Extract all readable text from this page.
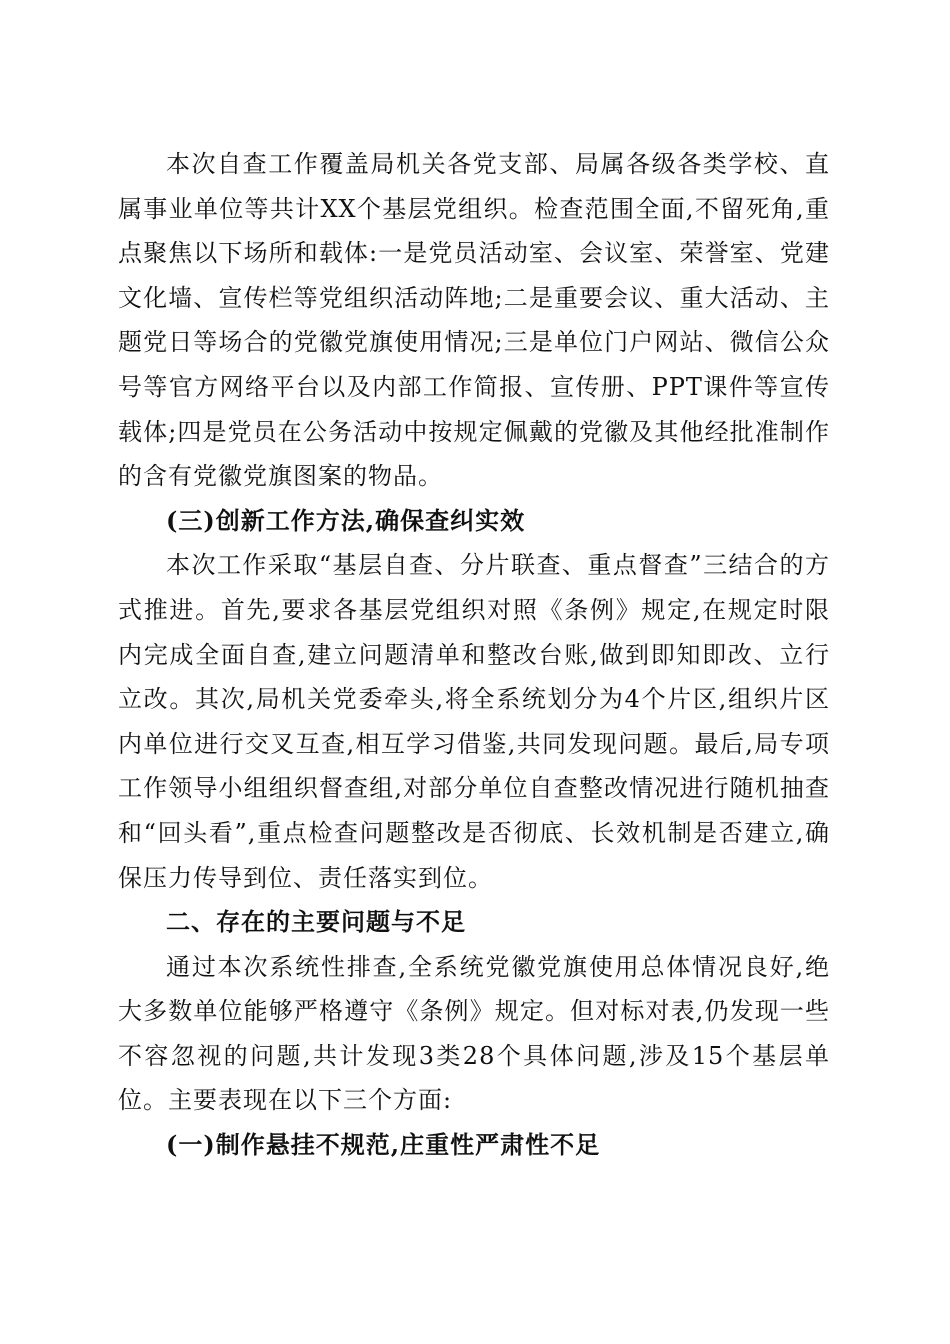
本次自查工作覆盖局机关各党支部、局属各级各类学校、直属事业单位等共计XX个基层党组织。检查范围全面,不留死角,重点聚焦以下场所和载体:一是党员活动室、会议室、荣誉室、党建文化墙、宣传栏等党组织活动阵地;二是重要会议、重大活动、主题党日等场合的党徽党旗使用情况;三是单位门户网站、微信公众号等官方网络平台以及内部工作简报、宣传册、PPT课件等宣传载体;四是党员在公务活动中按规定佩戴的党徽及其他经批准制作的含有党徽党旗图案的物品。

(三)创新工作方法,确保查纠实效

本次工作采取“基层自查、分片联查、重点督查”三结合的方式推进。首先,要求各基层党组织对照《条例》规定,在规定时限内完成全面自查,建立问题清单和整改台账,做到即知即改、立行立改。其次,局机关党委牵头,将全系统划分为4个片区,组织片区内单位进行交叉互查,相互学习借鉴,共同发现问题。最后,局专项工作领导小组组织督查组,对部分单位自查整改情况进行随机抽查和“回头看”,重点检查问题整改是否彻底、长效机制是否建立,确保压力传导到位、责任落实到位。

二、存在的主要问题与不足

通过本次系统性排查,全系统党徽党旗使用总体情况良好,绝大多数单位能够严格遵守《条例》规定。但对标对表,仍发现一些不容忽视的问题,共计发现3类28个具体问题,涉及15个基层单位。主要表现在以下三个方面:

(一)制作悬挂不规范,庄重性严肃性不足
